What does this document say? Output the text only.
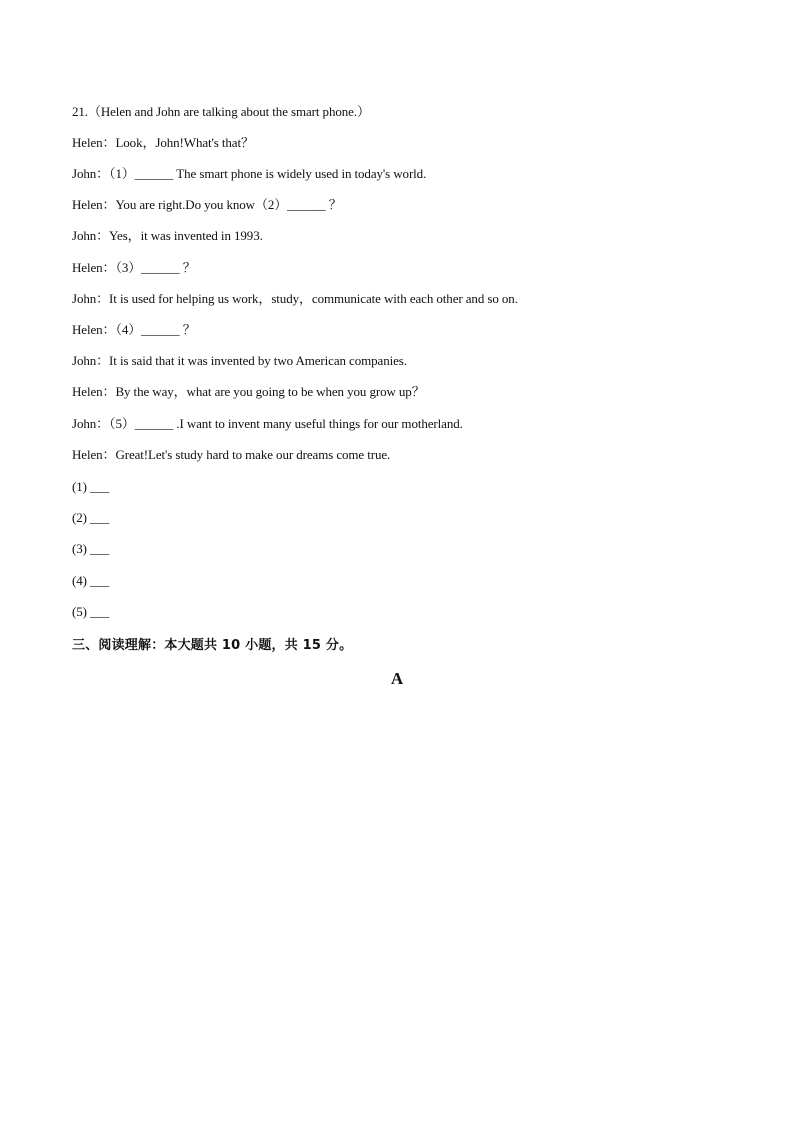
21.（Helen and John are talking about the smart phone.）
Helen：Look，John!What's that？
John：（1）______ The smart phone is widely used in today's world.
Helen：You are right.Do you know（2）______ ？
John：Yes，it was invented in 1993.
Helen：（3）______ ？
John：It is used for helping us work，study，communicate with each other and so on.
Helen：（4）______ ？
John：It is said that it was invented by two American companies.
Helen：By the way，what are you going to be when you grow up？
John：（5）______ .I want to invent many useful things for our motherland.
Helen：Great!Let's study hard to make our dreams come true.
(1) ___
(2) ___
(3) ___
(4) ___
(5) ___
三、阅读理解：本大题共 10 小题，共 15 分。
A
